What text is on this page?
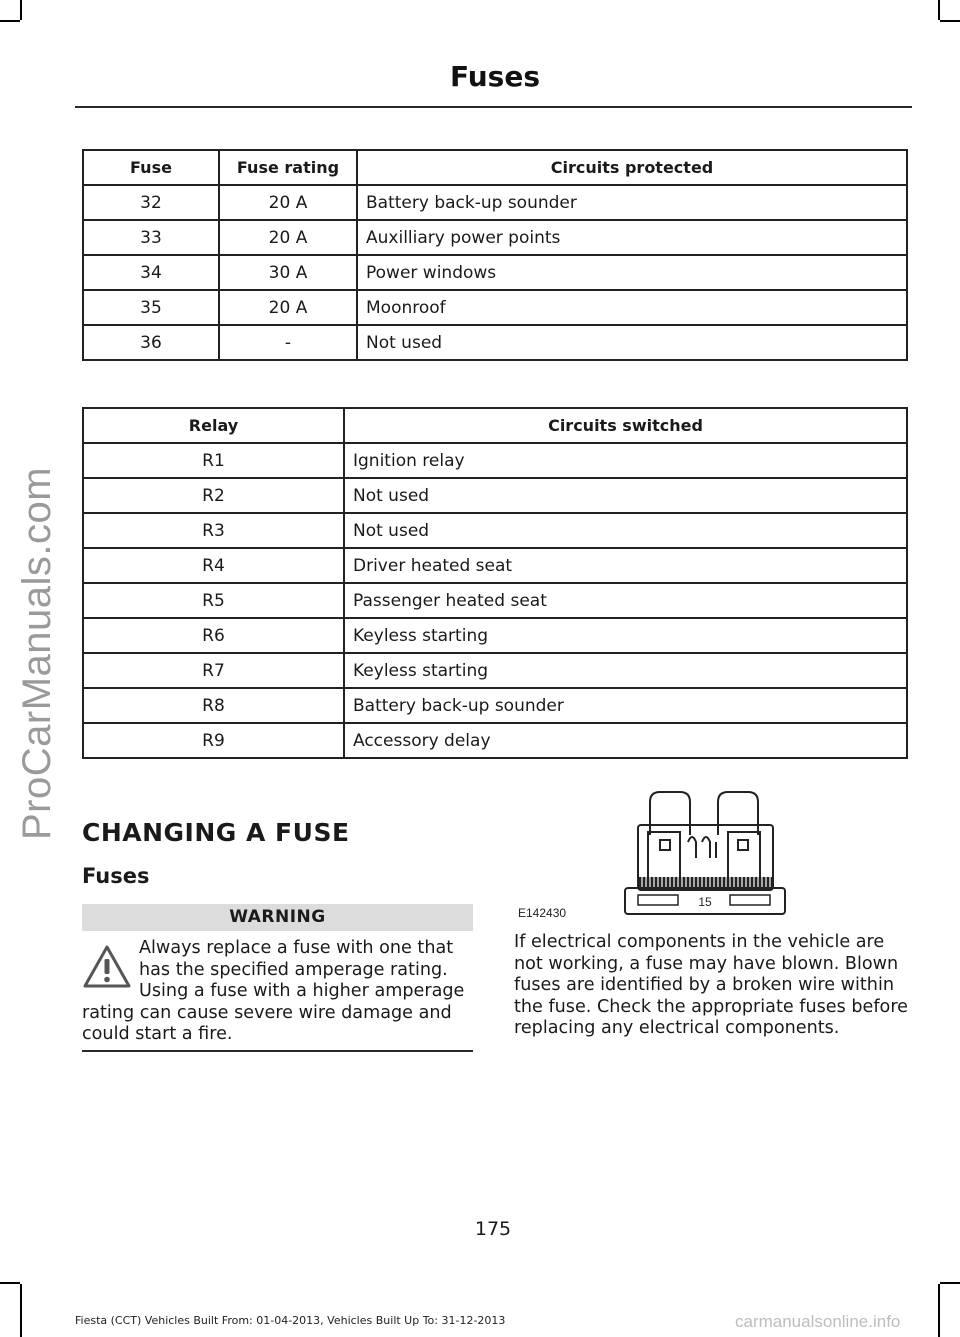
ProCarManuals.com
Fuses
Fuse	Fuse rating	Circuits protected
32	20 A	Battery back-up sounder
33	20 A	Auxilliary power points
34	30 A	Power windows
35	20 A	Moonroof
36	-	Not used
Relay	Circuits switched
R1	Ignition relay
R2	Not used
R3	Not used
R4	Driver heated seat
R5	Passenger heated seat
R6	Keyless starting
R7	Keyless starting
R8	Battery back-up sounder
R9	Accessory delay
CHANGING A FUSE
Fuses
WARNING
Always replace a fuse with one that has the specified amperage rating. Using a fuse with a higher amperage rating can cause severe wire damage and could start a fire.
15
E142430
If electrical components in the vehicle are not working, a fuse may have blown. Blown fuses are identified by a broken wire within the fuse. Check the appropriate fuses before replacing any electrical components.
175
Fiesta (CCT) Vehicles Built From: 01-04-2013, Vehicles Built Up To: 31-12-2013	carmanualsonline.info
